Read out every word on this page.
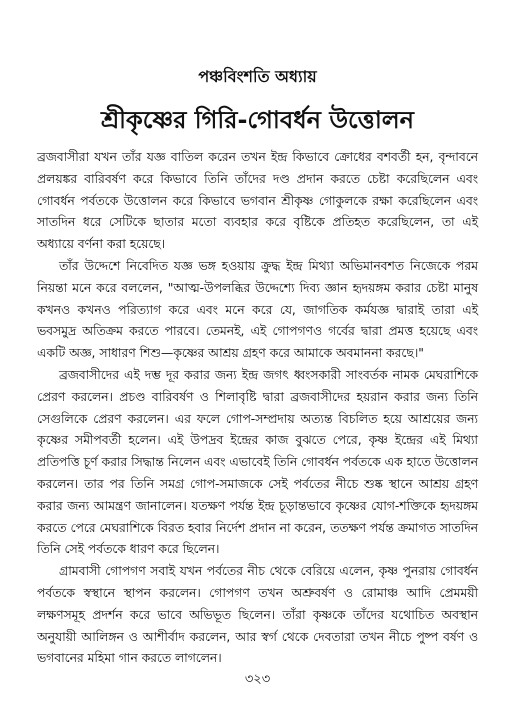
পঞ্চবিংশতি অধ্যায়
শ্রীকৃষ্ণের গিরি-গোবর্ধন উত্তোলন

ব্রজবাসীরা যখন তাঁর যজ্ঞ বাতিল করেন তখন ইন্দ্র কিভাবে ক্রোধের বশবর্তী হন, বৃন্দাবনে প্রলয়ঙ্কর বারিবর্ষণ করে কিভাবে তিনি তাঁদের দণ্ড প্রদান করতে চেষ্টা করেছিলেন এবং গোবর্ধন পর্বতকে উত্তোলন করে কিভাবে ভগবান শ্রীকৃষ্ণ গোকুলকে রক্ষা করেছিলেন এবং সাতদিন ধরে সেটিকে ছাতার মতো ব্যবহার করে বৃষ্টিকে প্রতিহত করেছিলেন, তা এই অধ্যায়ে বর্ণনা করা হয়েছে।

তাঁর উদ্দেশে নিবেদিত যজ্ঞ ভঙ্গ হওয়ায় ক্রুদ্ধ ইন্দ্র মিথ্যা অভিমানবশত নিজেকে পরম নিয়ন্তা মনে করে বললেন, "আত্ম-উপলব্ধির উদ্দেশ্যে দিব্য জ্ঞান হৃদয়ঙ্গম করার চেষ্টা মানুষ কখনও কখনও পরিত্যাগ করে এবং মনে করে যে, জাগতিক কর্মযজ্ঞ দ্বারাই তারা এই ভবসমুদ্র অতিক্রম করতে পারবে। তেমনই, এই গোপগণও গর্বের দ্বারা প্রমত্ত হয়েছে এবং একটি অজ্ঞ, সাধারণ শিশু—কৃষ্ণের আশ্রয় গ্রহণ করে আমাকে অবমাননা করছে।"

ব্রজবাসীদের এই দম্ভ দূর করার জন্য ইন্দ্র জগৎ ধ্বংসকারী সাংবর্তক নামক মেঘরাশিকে প্রেরণ করলেন। প্রচণ্ড বারিবর্ষণ ও শিলাবৃষ্টি দ্বারা ব্রজবাসীদের হয়রান করার জন্য তিনি সেগুলিকে প্রেরণ করলেন। এর ফলে গোপ-সম্প্রদায় অত্যন্ত বিচলিত হয়ে আশ্রয়ের জন্য কৃষ্ণের সমীপবর্তী হলেন। এই উপদ্রব ইন্দ্রের কাজ বুঝতে পেরে, কৃষ্ণ ইন্দ্রের এই মিথ্যা প্রতিপত্তি চূর্ণ করার সিদ্ধান্ত নিলেন এবং এভাবেই তিনি গোবর্ধন পর্বতকে এক হাতে উত্তোলন করলেন। তার পর তিনি সমগ্র গোপ-সমাজকে সেই পর্বতের নীচে শুষ্ক স্থানে আশ্রয় গ্রহণ করার জন্য আমন্ত্রণ জানালেন। যতক্ষণ পর্যন্ত ইন্দ্র চূড়ান্তভাবে কৃষ্ণের যোগ-শক্তিকে হৃদয়ঙ্গম করতে পেরে মেঘরাশিকে বিরত হবার নির্দেশ প্রদান না করেন, ততক্ষণ পর্যন্ত ক্রমাগত সাতদিন তিনি সেই পর্বতকে ধারণ করে ছিলেন।

গ্রামবাসী গোপগণ সবাই যখন পর্বতের নীচ থেকে বেরিয়ে এলেন, কৃষ্ণ পুনরায় গোবর্ধন পর্বতকে স্বস্থানে স্থাপন করলেন। গোপগণ তখন অশ্রুবর্ষণ ও রোমাঞ্চ আদি প্রেমময়ী লক্ষণসমূহ প্রদর্শন করে ভাবে অভিভূত ছিলেন। তাঁরা কৃষ্ণকে তাঁদের যথোচিত অবস্থান অনুযায়ী আলিঙ্গন ও আশীর্বাদ করলেন, আর স্বর্গ থেকে দেবতারা তখন নীচে পুষ্প বর্ষণ ও ভগবানের মহিমা গান করতে লাগলেন।

৩২৩
